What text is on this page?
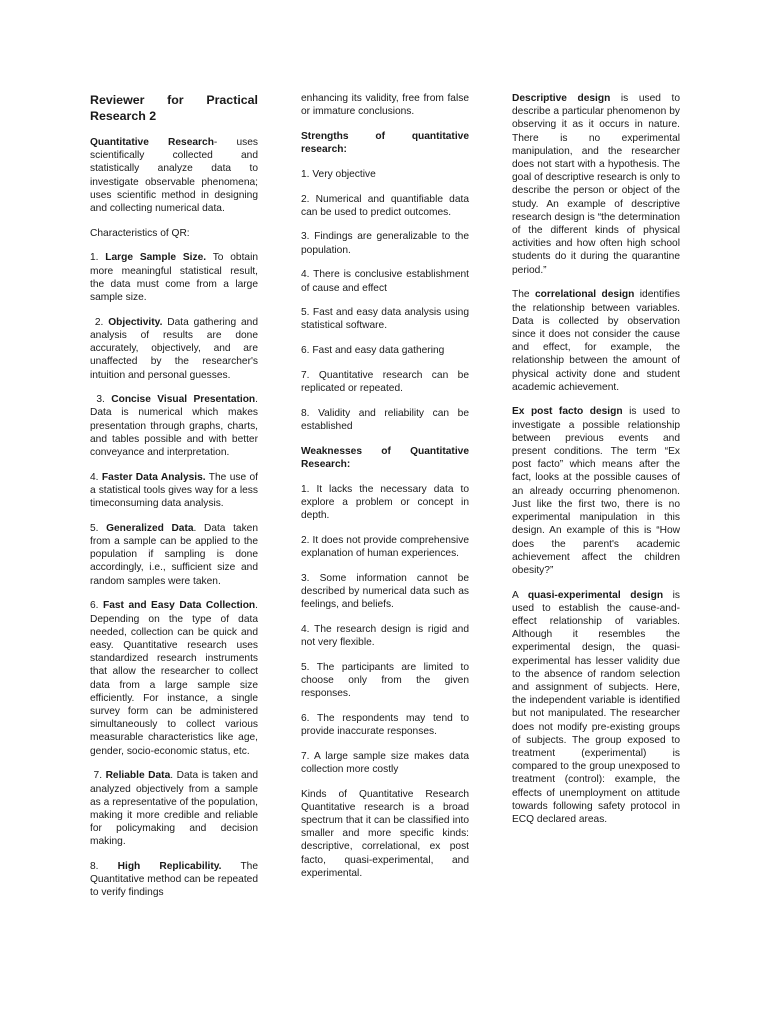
Reviewer for Practical
Research 2

Quantitative Research- uses scientifically collected and statistically analyze data to investigate observable phenomena; uses scientific method in designing and collecting numerical data.

Characteristics of QR:

1. Large Sample Size. To obtain more meaningful statistical result, the data must come from a large sample size.

2. Objectivity. Data gathering and analysis of results are done accurately, objectively, and are unaffected by the researcher's intuition and personal guesses.

3. Concise Visual Presentation. Data is numerical which makes presentation through graphs, charts, and tables possible and with better conveyance and interpretation.

4. Faster Data Analysis. The use of a statistical tools gives way for a less timeconsuming data analysis.

5. Generalized Data. Data taken from a sample can be applied to the population if sampling is done accordingly, i.e., sufficient size and random samples were taken.

6. Fast and Easy Data Collection. Depending on the type of data needed, collection can be quick and easy. Quantitative research uses standardized research instruments that allow the researcher to collect data from a large sample size efficiently. For instance, a single survey form can be administered simultaneously to collect various measurable characteristics like age, gender, socio-economic status, etc.

7. Reliable Data. Data is taken and analyzed objectively from a sample as a representative of the population, making it more credible and reliable for policymaking and decision making.

8. High Replicability. The Quantitative method can be repeated to verify findings

enhancing its validity, free from false or immature conclusions.

Strengths of quantitative
research:

1. Very objective

2. Numerical and quantifiable data can be used to predict outcomes.

3. Findings are generalizable to the population.

4. There is conclusive establishment of cause and effect

5. Fast and easy data analysis using statistical software.

6. Fast and easy data gathering

7. Quantitative research can be replicated or repeated.

8. Validity and reliability can be established

Weaknesses of Quantitative
Research:

1. It lacks the necessary data to explore a problem or concept in depth.

2. It does not provide comprehensive explanation of human experiences.

3. Some information cannot be described by numerical data such as feelings, and beliefs.

4. The research design is rigid and not very flexible.

5. The participants are limited to choose only from the given responses.

6. The respondents may tend to provide inaccurate responses.

7. A large sample size makes data collection more costly

Kinds of Quantitative Research Quantitative research is a broad spectrum that it can be classified into smaller and more specific kinds: descriptive, correlational, ex post facto, quasi-experimental, and experimental.

Descriptive design is used to describe a particular phenomenon by observing it as it occurs in nature. There is no experimental manipulation, and the researcher does not start with a hypothesis. The goal of descriptive research is only to describe the person or object of the study. An example of descriptive research design is “the determination of the different kinds of physical activities and how often high school students do it during the quarantine period.”

The correlational design identifies the relationship between variables. Data is collected by observation since it does not consider the cause and effect, for example, the relationship between the amount of physical activity done and student academic achievement.

Ex post facto design is used to investigate a possible relationship between previous events and present conditions. The term “Ex post facto” which means after the fact, looks at the possible causes of an already occurring phenomenon. Just like the first two, there is no experimental manipulation in this design. An example of this is “How does the parent's academic achievement affect the children obesity?”

A quasi-experimental design is used to establish the cause-and-effect relationship of variables. Although it resembles the experimental design, the quasi-experimental has lesser validity due to the absence of random selection and assignment of subjects. Here, the independent variable is identified but not manipulated. The researcher does not modify pre-existing groups of subjects. The group exposed to treatment (experimental) is compared to the group unexposed to treatment (control): example, the effects of unemployment on attitude towards following safety protocol in ECQ declared areas.
